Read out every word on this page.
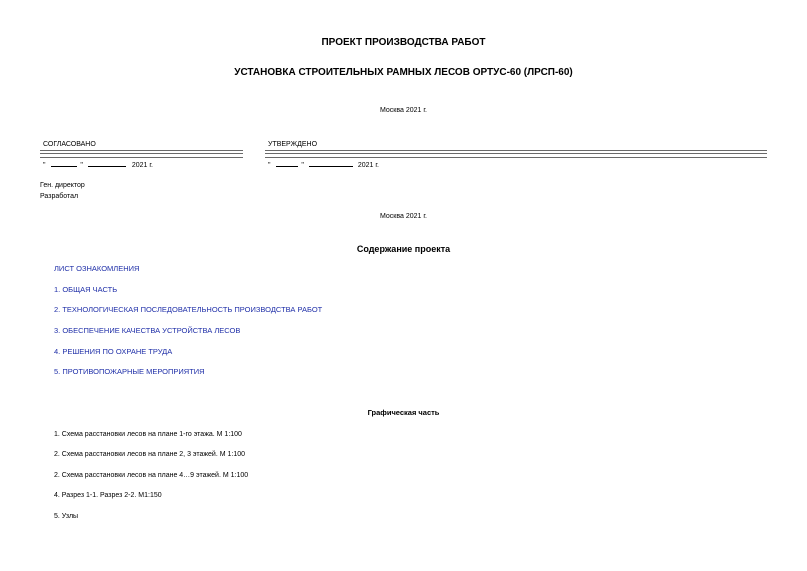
ПРОЕКТ ПРОИЗВОДСТВА РАБОТ
УСТАНОВКА СТРОИТЕЛЬНЫХ РАМНЫХ ЛЕСОВ ОРТУС-60 (ЛРСП-60)
Москва 2021 г.
СОГЛАСОВАНО
"	"	2021 г.
УТВЕРЖДЕНО
"	"	2021 г.
Ген. директор
Разработал
Москва 2021 г.
Содержание проекта
ЛИСТ ОЗНАКОМЛЕНИЯ
1. ОБЩАЯ ЧАСТЬ
2. ТЕХНОЛОГИЧЕСКАЯ ПОСЛЕДОВАТЕЛЬНОСТЬ ПРОИЗВОДСТВА РАБОТ
3. ОБЕСПЕЧЕНИЕ КАЧЕСТВА УСТРОЙСТВА ЛЕСОВ
4. РЕШЕНИЯ ПО ОХРАНЕ ТРУДА
5. ПРОТИВОПОЖАРНЫЕ МЕРОПРИЯТИЯ
Графическая часть
1. Схема расстановки лесов на плане 1-го этажа. М 1:100
2. Схема расстановки лесов на плане 2, 3 этажей. М 1:100
2. Схема расстановки лесов на плане 4…9 этажей. М 1:100
4. Разрез 1-1. Разрез 2-2. М1:150
5. Узлы
